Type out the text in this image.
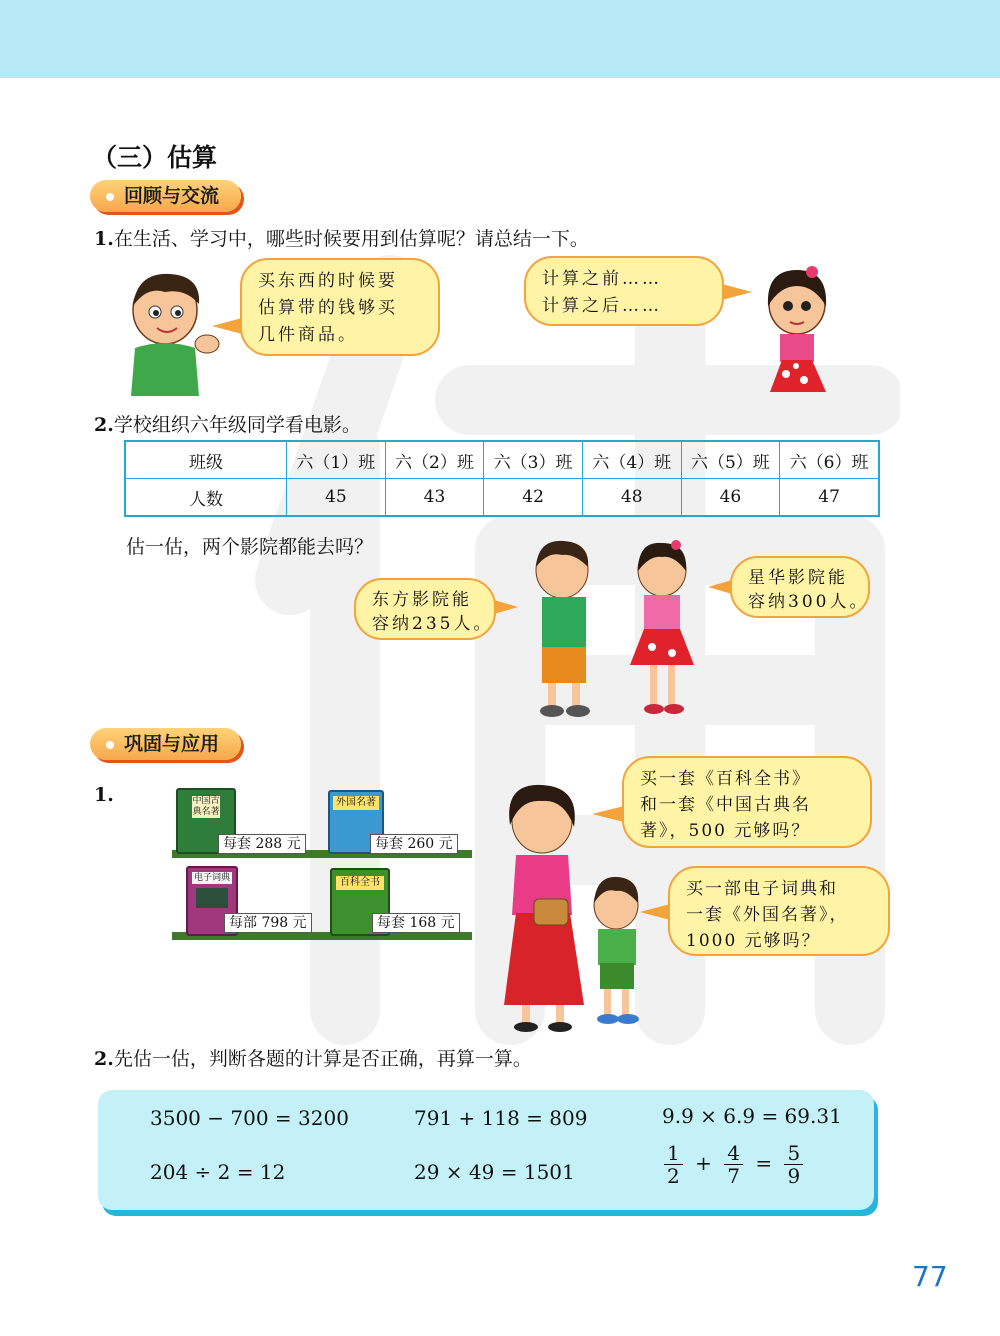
（三）估算
回顾与交流
1.在生活、学习中，哪些时候要用到估算呢？请总结一下。
买东西的时候要
估算带的钱够买
几件商品。
计算之前……
计算之后……
2.学校组织六年级同学看电影。
班级	六（1）班	六（2）班	六（3）班	六（4）班	六（5）班	六（6）班
人数	45	43	42	48	46	47
估一估，两个影院都能去吗？
东方影院能
容纳235人。
星华影院能
容纳300人。
巩固与应用
1.	中国古典名著
每套 288 元
外国名著
每套 260 元
电子词典
每部 798 元
百科全书
每套 168 元
买一套《百科全书》
和一套《中国古典名
著》，500 元够吗？
买一部电子词典和
一套《外国名著》，
1000 元够吗？
2.先估一估，判断各题的计算是否正确，再算一算。
3500 − 700 = 3200	791 + 118 = 809	9.9 × 6.9 = 69.31
204 ÷ 2 = 12	29 × 49 = 1501	$\frac{1}{2} + \frac{4}{7} = \frac{5}{9}$
77
